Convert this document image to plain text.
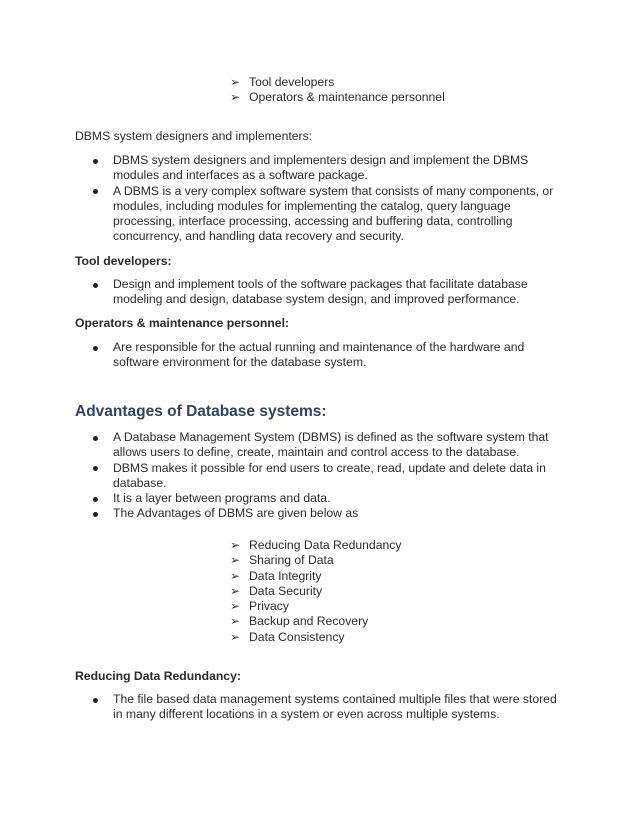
➢ Tool developers
➢ Operators & maintenance personnel

DBMS system designers and implementers:

DBMS system designers and implementers design and implement the DBMS modules and interfaces as a software package.
A DBMS is a very complex software system that consists of many components, or modules, including modules for implementing the catalog, query language processing, interface processing, accessing and buffering data, controlling concurrency, and handling data recovery and security.

Tool developers:

Design and implement tools of the software packages that facilitate database modeling and design, database system design, and improved performance.

Operators & maintenance personnel:

Are responsible for the actual running and maintenance of the hardware and software environment for the database system.
Advantages of Database systems:
A Database Management System (DBMS) is defined as the software system that allows users to define, create, maintain and control access to the database.
DBMS makes it possible for end users to create, read, update and delete data in database.
It is a layer between programs and data.
The Advantages of DBMS are given below as
➢ Reducing Data Redundancy
➢ Sharing of Data
➢ Data Integrity
➢ Data Security
➢ Privacy
➢ Backup and Recovery
➢ Data Consistency

Reducing Data Redundancy:

The file based data management systems contained multiple files that were stored in many different locations in a system or even across multiple systems.
